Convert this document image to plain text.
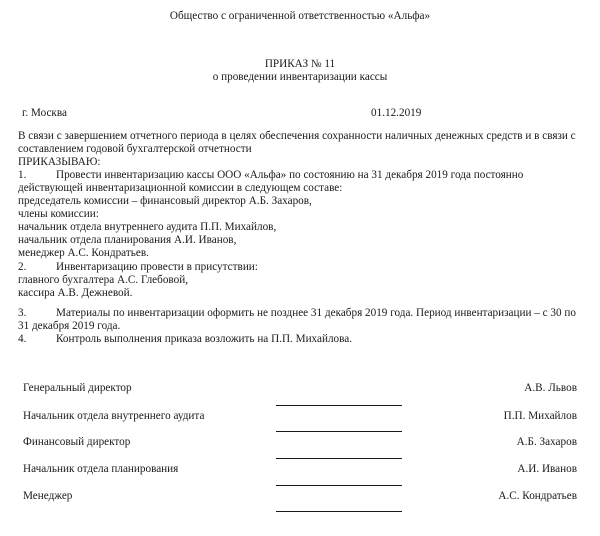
Общество с ограниченной ответственностью «Альфа»
ПРИКАЗ № 11
о проведении инвентаризации кассы
г. Москва	01.12.2019
В связи с завершением отчетного периода в целях обеспечения сохранности наличных денежных средств и в связи с
составлением годовой бухгалтерской отчетности
ПРИКАЗЫВАЮ:
1.	Провести инвентаризацию кассы ООО «Альфа» по состоянию на 31 декабря 2019 года постоянно
действующей инвентаризационной комиссии в следующем составе:
председатель комиссии – финансовый директор А.Б. Захаров,
члены комиссии:
начальник отдела внутреннего аудита П.П. Михайлов,
начальник отдела планирования А.И. Иванов,
менеджер А.С. Кондратьев.
2.	Инвентаризацию провести в присутствии:
главного бухгалтера А.С. Глебовой,
кассира А.В. Дежневой.
3.	Материалы по инвентаризации оформить не позднее 31 декабря 2019 года. Период инвентаризации – с 30 по
31 декабря 2019 года.
4.	Контроль выполнения приказа возложить на П.П. Михайлова.
Генеральный директор	А.В. Львов
Начальник отдела внутреннего аудита	П.П. Михайлов
Финансовый директор	А.Б. Захаров
Начальник отдела планирования	А.И. Иванов
Менеджер	А.С. Кондратьев
